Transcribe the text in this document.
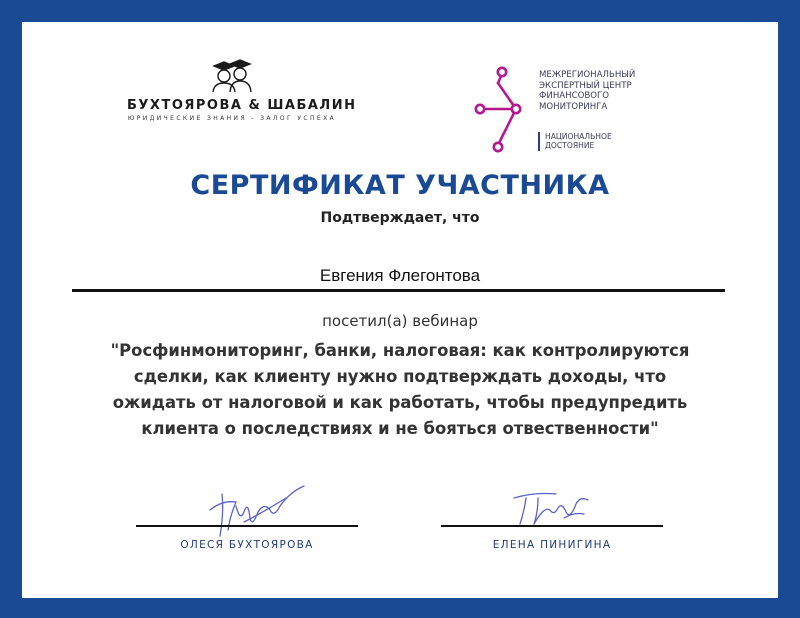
БУХТОЯРОВА & ШАБАЛИН
ЮРИДИЧЕСКИЕ ЗНАНИЯ - ЗАЛОГ УСПЕХА
МЕЖРЕГИОНАЛЬНЫЙ
ЭКСПЕРТНЫЙ ЦЕНТР
ФИНАНСОВОГО
МОНИТОРИНГА
НАЦИОНАЛЬНОЕ
ДОСТОЯНИЕ
СЕРТИФИКАТ УЧАСТНИКА
Подтверждает, что
Евгения Флегонтова
посетил(а) вебинар
"Росфинмониторинг, банки, налоговая: как контролируются
сделки, как клиенту нужно подтверждать доходы, что
ожидать от налоговой и как работать, чтобы предупредить
клиента о последствиях и не бояться отвественности"
ОЛЕСЯ БУХТОЯРОВА	ЕЛЕНА ПИНИГИНА
